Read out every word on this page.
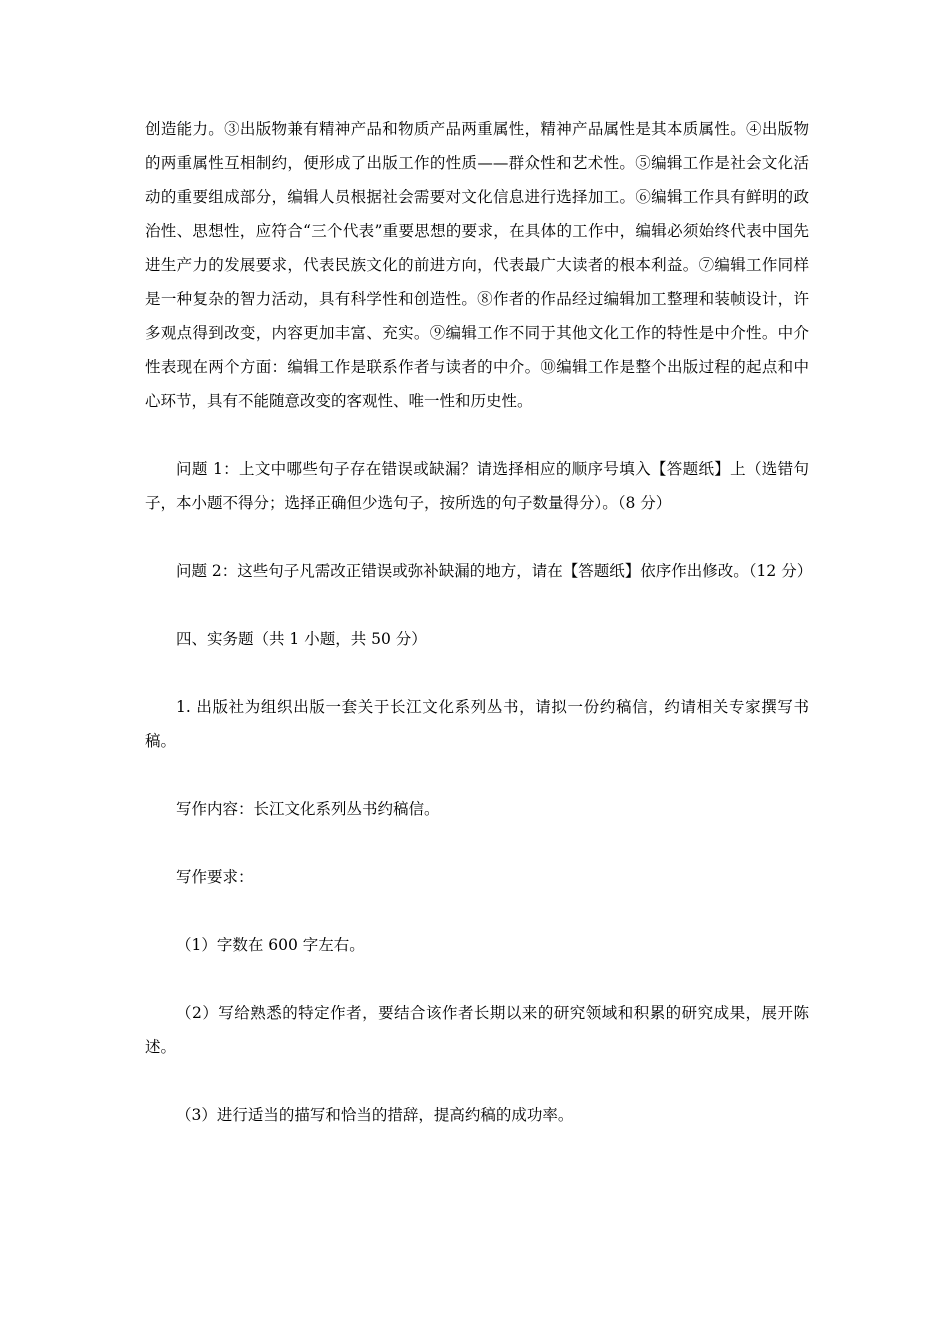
创造能力。③出版物兼有精神产品和物质产品两重属性，精神产品属性是其本质属性。④出版物的两重属性互相制约，便形成了出版工作的性质——群众性和艺术性。⑤编辑工作是社会文化活动的重要组成部分，编辑人员根据社会需要对文化信息进行选择加工。⑥编辑工作具有鲜明的政治性、思想性，应符合“三个代表”重要思想的要求，在具体的工作中，编辑必须始终代表中国先进生产力的发展要求，代表民族文化的前进方向，代表最广大读者的根本利益。⑦编辑工作同样是一种复杂的智力活动，具有科学性和创造性。⑧作者的作品经过编辑加工整理和装帧设计，许多观点得到改变，内容更加丰富、充实。⑨编辑工作不同于其他文化工作的特性是中介性。中介性表现在两个方面：编辑工作是联系作者与读者的中介。⑩编辑工作是整个出版过程的起点和中心环节，具有不能随意改变的客观性、唯一性和历史性。

问题 1：上文中哪些句子存在错误或缺漏？请选择相应的顺序号填入【答题纸】上（选错句子，本小题不得分；选择正确但少选句子，按所选的句子数量得分）。（8 分）

问题 2：这些句子凡需改正错误或弥补缺漏的地方，请在【答题纸】依序作出修改。（12 分）

四、实务题（共 1 小题，共 50 分）

1. 出版社为组织出版一套关于长江文化系列丛书，请拟一份约稿信，约请相关专家撰写书稿。

写作内容：长江文化系列丛书约稿信。

写作要求：

（1）字数在 600 字左右。

（2）写给熟悉的特定作者，要结合该作者长期以来的研究领域和积累的研究成果，展开陈述。

（3）进行适当的描写和恰当的措辞，提高约稿的成功率。
